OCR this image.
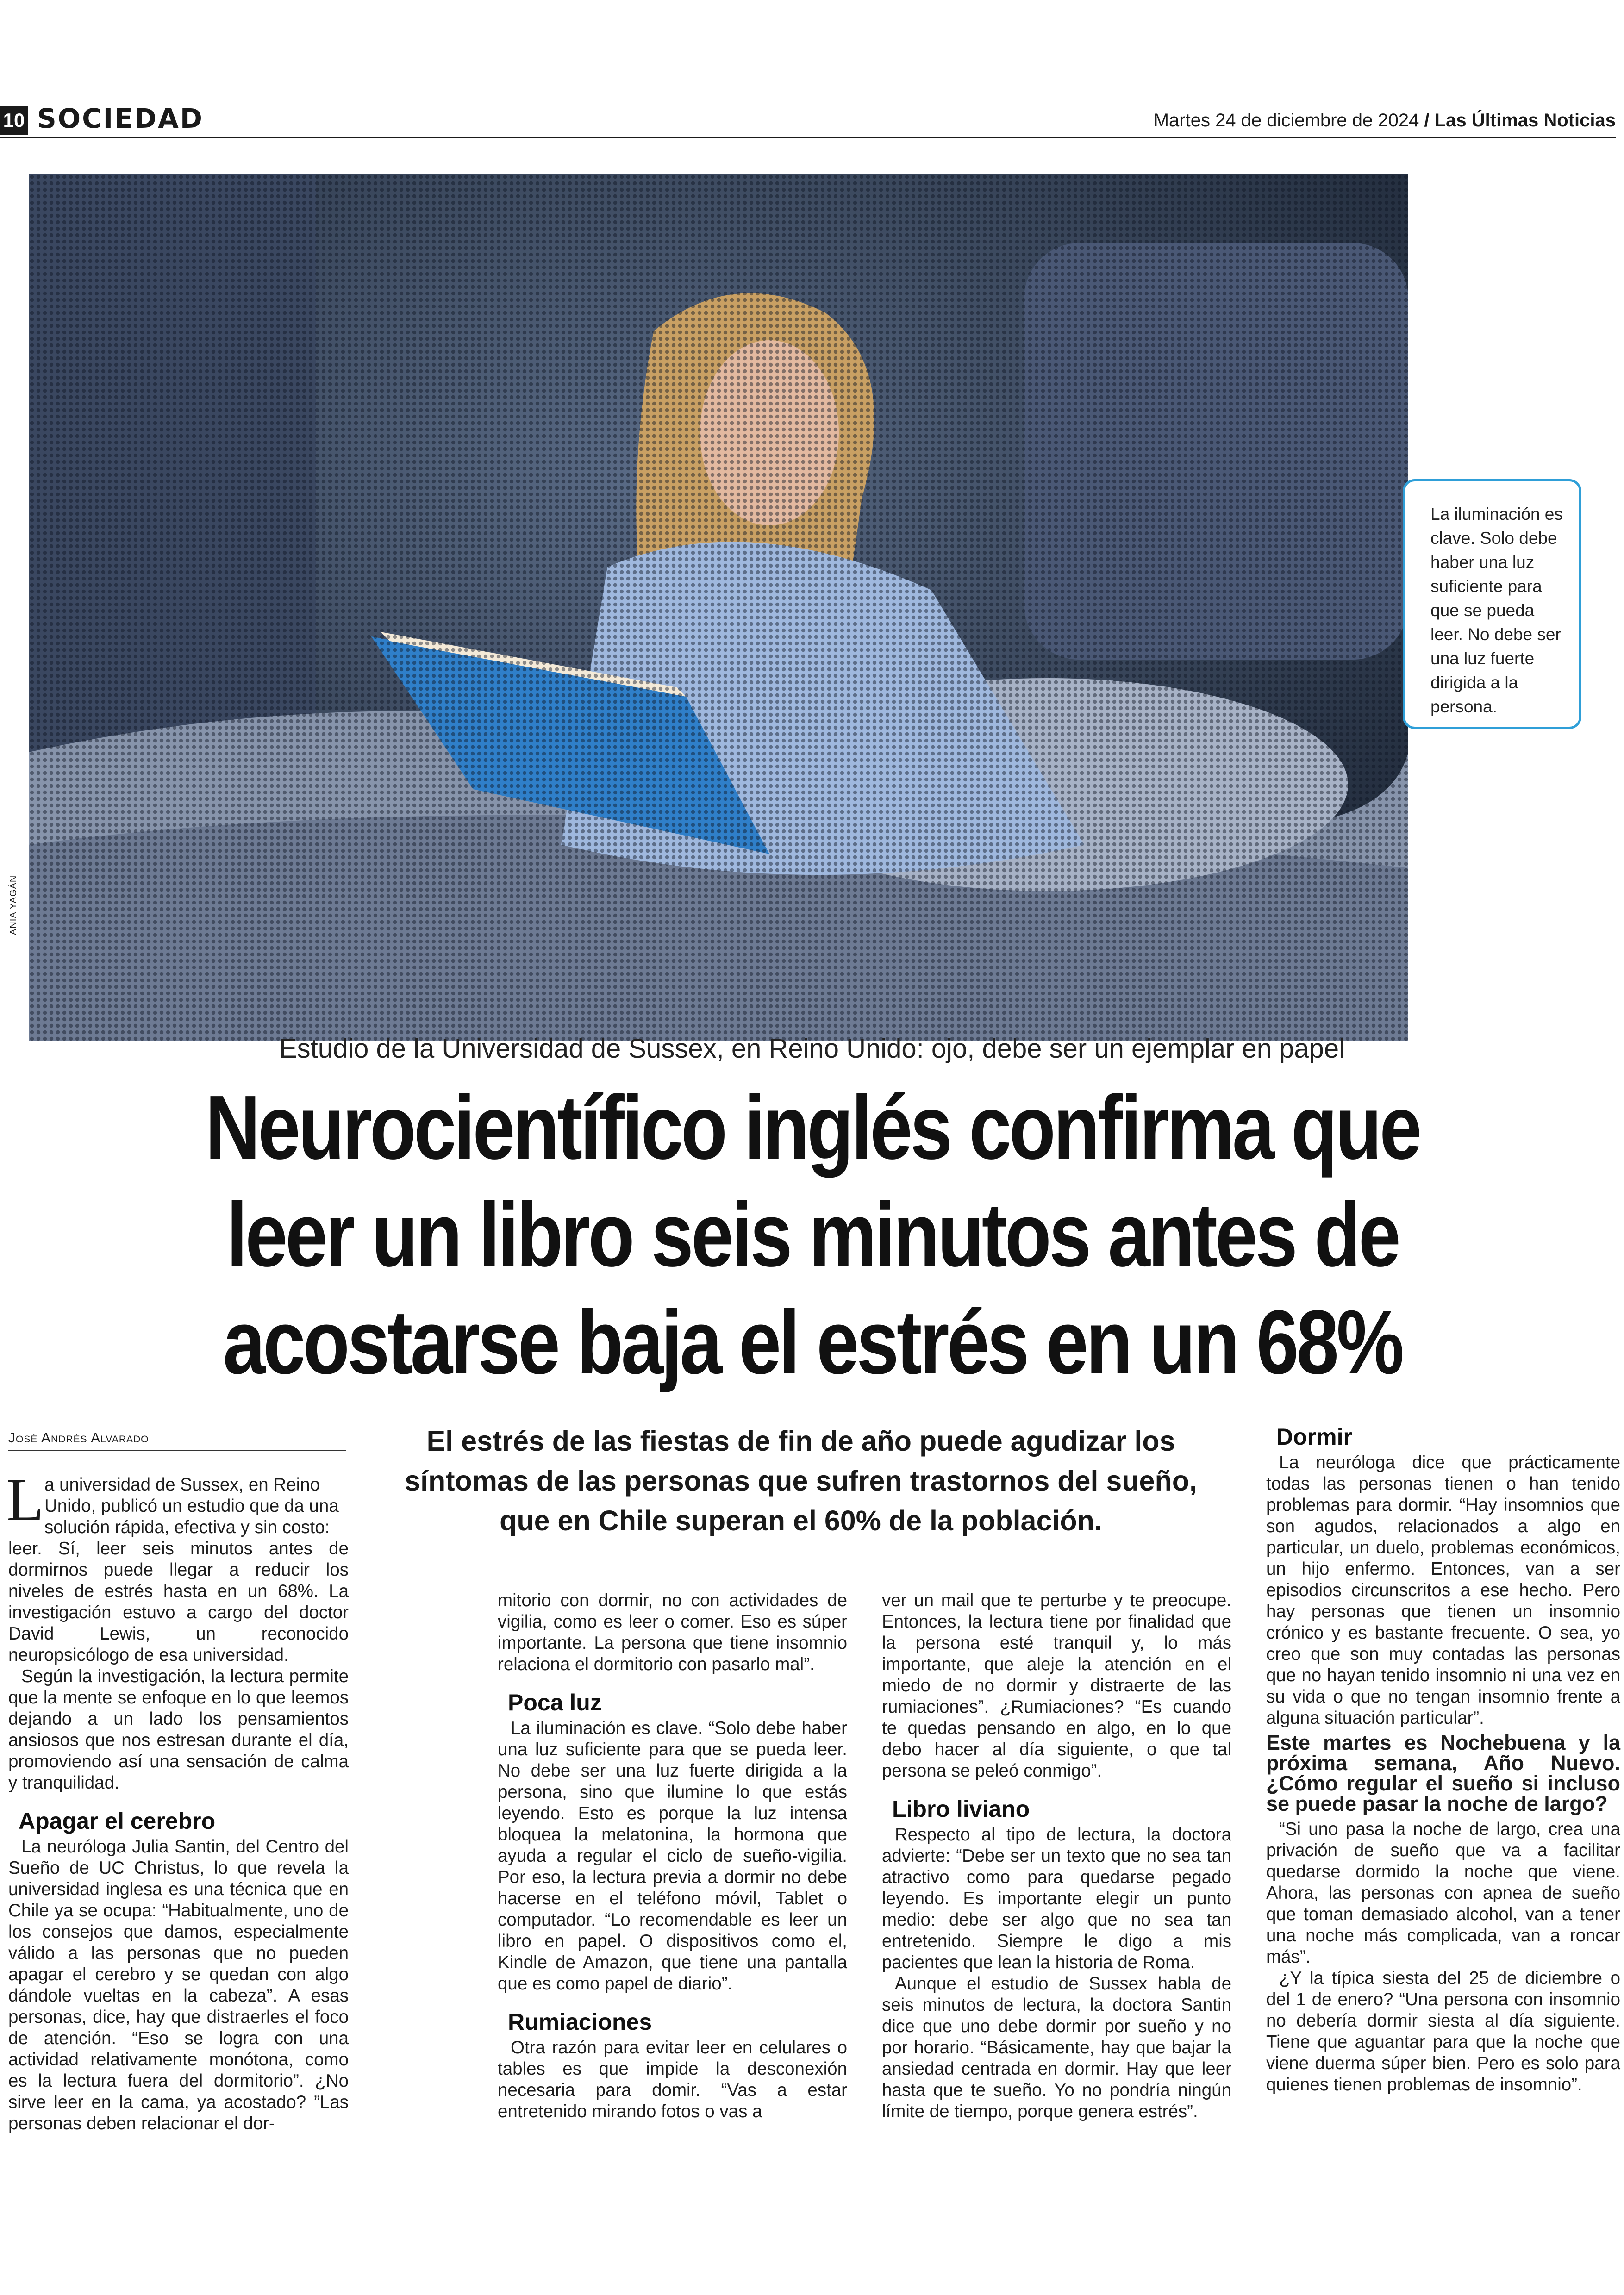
10 SOCIEDAD	Martes 24 de diciembre de 2024 / Las Últimas Noticias
ANIA YAGÁN
La iluminación es clave. Solo debe haber una luz suficiente para que se pueda leer. No debe ser una luz fuerte dirigida a la persona.
Estudio de la Universidad de Sussex, en Reino Unido: ojo, debe ser un ejemplar en papel
Neurocientífico inglés confirma que
leer un libro seis minutos antes de
acostarse baja el estrés en un 68%
José Andrés Alvarado	El estrés de las fiestas de fin de año puede agudizar los
síntomas de las personas que sufren trastornos del sueño,
que en Chile superan el 60% de la población.
L a universidad de Sussex, en Reino
Unido, publicó un estudio que da una
solución rápida, efectiva y sin costo:

leer. Sí, leer seis minutos antes de dormirnos puede llegar a reducir los niveles de estrés hasta en un 68%. La investigación estuvo a cargo del doctor David Lewis, un reconocido neuropsicólogo de esa universidad.

Según la investigación, la lectura permite que la mente se enfoque en lo que leemos dejando a un lado los pensamientos ansiosos que nos estresan durante el día, promoviendo así una sensación de calma y tranquilidad.

Apagar el cerebro

La neuróloga Julia Santin, del Centro del Sueño de UC Christus, lo que revela la universidad inglesa es una técnica que en Chile ya se ocupa: “Habitualmente, uno de los consejos que damos, especialmente válido a las personas que no pueden apagar el cerebro y se quedan con algo dándole vueltas en la cabeza”. A esas personas, dice, hay que distraerles el foco de atención. “Eso se logra con una actividad relativamente monótona, como es la lectura fuera del dormitorio”. ¿No sirve leer en la cama, ya acostado? ”Las personas deben relacionar el dor-

mitorio con dormir, no con actividades de vigilia, como es leer o comer. Eso es súper importante. La persona que tiene insomnio relaciona el dormitorio con pasarlo mal”.

Poca luz

La iluminación es clave. “Solo debe haber una luz suficiente para que se pueda leer. No debe ser una luz fuerte dirigida a la persona, sino que ilumine lo que estás leyendo. Esto es porque la luz intensa bloquea la melatonina, la hormona que ayuda a regular el ciclo de sueño-vigilia. Por eso, la lectura previa a dormir no debe hacerse en el teléfono móvil, Tablet o computador. “Lo recomendable es leer un libro en papel. O dispositivos como el, Kindle de Amazon, que tiene una pantalla que es como papel de diario”.

Rumiaciones

Otra razón para evitar leer en celulares o tables es que impide la desconexión necesaria para domir. “Vas a estar entretenido mirando fotos o vas a

ver un mail que te perturbe y te preocupe. Entonces, la lectura tiene por finalidad que la persona esté tranquil y, lo más importante, que aleje la atención en el miedo de no dormir y distraerte de las rumiaciones”. ¿Rumiaciones? “Es cuando te quedas pensando en algo, en lo que debo hacer al día siguiente, o que tal persona se peleó conmigo”.

Libro liviano

Respecto al tipo de lectura, la doctora advierte: “Debe ser un texto que no sea tan atractivo como para quedarse pegado leyendo. Es importante elegir un punto medio: debe ser algo que no sea tan entretenido. Siempre le digo a mis pacientes que lean la historia de Roma.

Aunque el estudio de Sussex habla de seis minutos de lectura, la doctora Santin dice que uno debe dormir por sueño y no por horario. “Básicamente, hay que bajar la ansiedad centrada en dormir. Hay que leer hasta que te sueño. Yo no pondría ningún límite de tiempo, porque genera estrés”.

Dormir

La neuróloga dice que prácticamente todas las personas tienen o han tenido problemas para dormir. “Hay insomnios que son agudos, relacionados a algo en particular, un duelo, problemas económicos, un hijo enfermo. Entonces, van a ser episodios circunscritos a ese hecho. Pero hay personas que tienen un insomnio crónico y es bastante frecuente. O sea, yo creo que son muy contadas las personas que no hayan tenido insomnio ni una vez en su vida o que no tengan insomnio frente a alguna situación particular”.

Este martes es Nochebuena y la próxima semana, Año Nuevo. ¿Cómo regular el sueño si incluso se puede pasar la noche de largo?

“Si uno pasa la noche de largo, crea una privación de sueño que va a facilitar quedarse dormido la noche que viene. Ahora, las personas con apnea de sueño que toman demasiado alcohol, van a tener una noche más complicada, van a roncar más”.

¿Y la típica siesta del 25 de diciembre o del 1 de enero? “Una persona con insomnio no debería dormir siesta al día siguiente. Tiene que aguantar para que la noche que viene duerma súper bien. Pero es solo para quienes tienen problemas de insomnio”.
